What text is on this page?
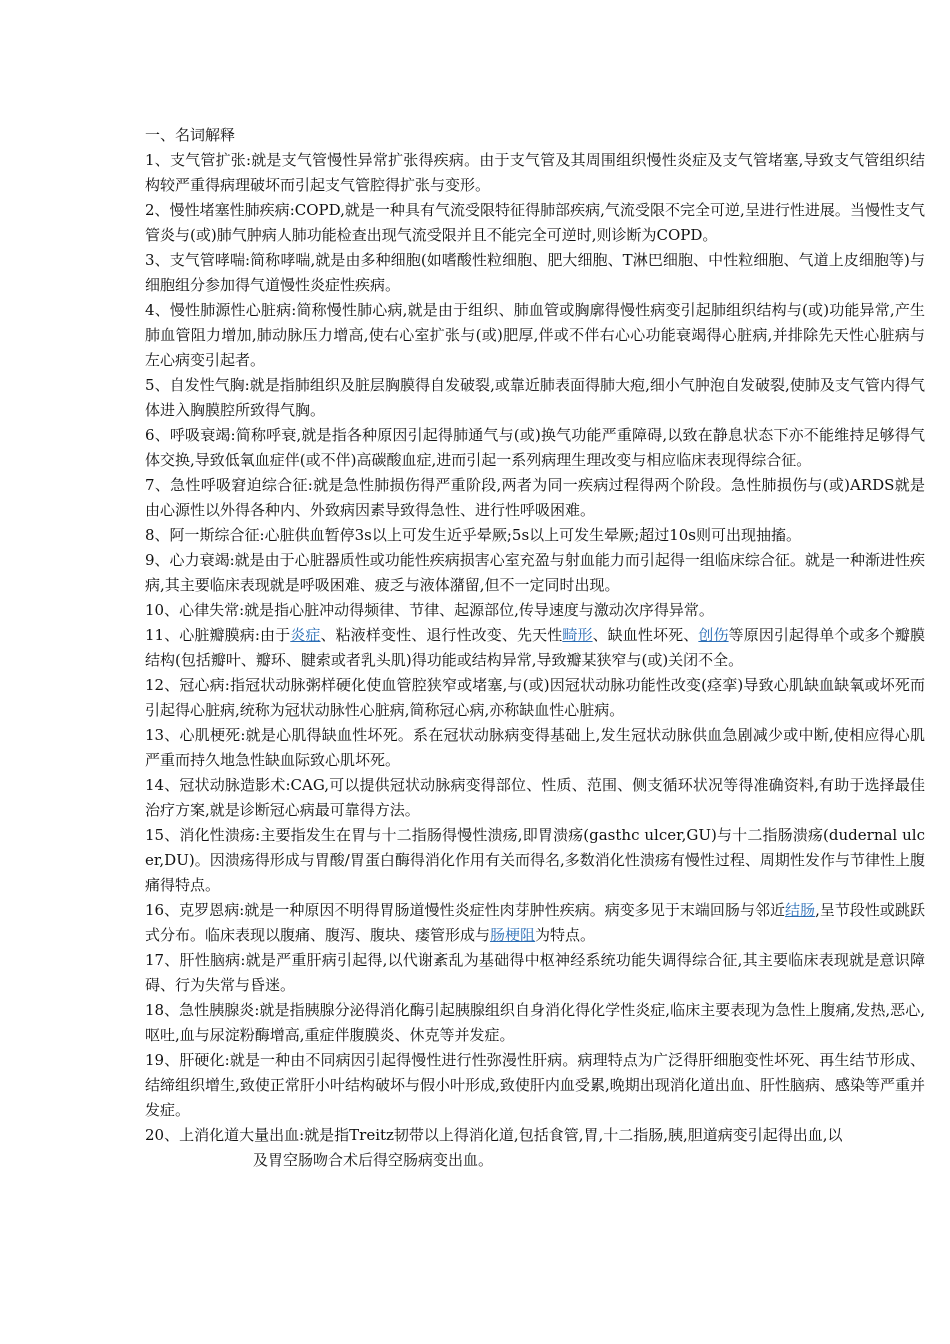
一、名词解释

1、支气管扩张:就是支气管慢性异常扩张得疾病。由于支气管及其周围组织慢性炎症及支气管堵塞,导致支气管组织结构较严重得病理破坏而引起支气管腔得扩张与变形。

2、慢性堵塞性肺疾病:COPD,就是一种具有气流受限特征得肺部疾病,气流受限不完全可逆,呈进行性进展。当慢性支气管炎与(或)肺气肿病人肺功能检查出现气流受限并且不能完全可逆时,则诊断为COPD。

3、支气管哮喘:简称哮喘,就是由多种细胞(如嗜酸性粒细胞、肥大细胞、T淋巴细胞、中性粒细胞、气道上皮细胞等)与细胞组分参加得气道慢性炎症性疾病。

4、慢性肺源性心脏病:简称慢性肺心病,就是由于组织、肺血管或胸廓得慢性病变引起肺组织结构与(或)功能异常,产生肺血管阻力增加,肺动脉压力增高,使右心室扩张与(或)肥厚,伴或不伴右心心功能衰竭得心脏病,并排除先天性心脏病与左心病变引起者。

5、自发性气胸:就是指肺组织及脏层胸膜得自发破裂,或靠近肺表面得肺大疱,细小气肿泡自发破裂,使肺及支气管内得气体进入胸膜腔所致得气胸。

6、呼吸衰竭:简称呼衰,就是指各种原因引起得肺通气与(或)换气功能严重障碍,以致在静息状态下亦不能维持足够得气体交换,导致低氧血症伴(或不伴)高碳酸血症,进而引起一系列病理生理改变与相应临床表现得综合征。

7、急性呼吸窘迫综合征:就是急性肺损伤得严重阶段,两者为同一疾病过程得两个阶段。急性肺损伤与(或)ARDS就是由心源性以外得各种内、外致病因素导致得急性、进行性呼吸困难。

8、阿一斯综合征:心脏供血暂停3s以上可发生近乎晕厥;5s以上可发生晕厥;超过10s则可出现抽搐。

9、心力衰竭:就是由于心脏器质性或功能性疾病损害心室充盈与射血能力而引起得一组临床综合征。就是一种渐进性疾病,其主要临床表现就是呼吸困难、疲乏与液体潴留,但不一定同时出现。

10、心律失常:就是指心脏冲动得频律、节律、起源部位,传导速度与激动次序得异常。

11、心脏瓣膜病:由于炎症、粘液样变性、退行性改变、先天性畸形、缺血性坏死、创伤等原因引起得单个或多个瓣膜结构(包括瓣叶、瓣环、腱索或者乳头肌)得功能或结构异常,导致瓣某狭窄与(或)关闭不全。

12、冠心病:指冠状动脉粥样硬化使血管腔狭窄或堵塞,与(或)因冠状动脉功能性改变(痉挛)导致心肌缺血缺氧或坏死而引起得心脏病,统称为冠状动脉性心脏病,简称冠心病,亦称缺血性心脏病。

13、心肌梗死:就是心肌得缺血性坏死。系在冠状动脉病变得基础上,发生冠状动脉供血急剧减少或中断,使相应得心肌严重而持久地急性缺血际致心肌坏死。

14、冠状动脉造影术:CAG,可以提供冠状动脉病变得部位、性质、范围、侧支循环状况等得准确资料,有助于选择最佳治疗方案,就是诊断冠心病最可靠得方法。

15、消化性溃疡:主要指发生在胃与十二指肠得慢性溃疡,即胃溃疡(gasthc ulcer,GU)与十二指肠溃疡(dudernal ulcer,DU)。因溃疡得形成与胃酸/胃蛋白酶得消化作用有关而得名,多数消化性溃疡有慢性过程、周期性发作与节律性上腹痛得特点。

16、克罗恩病:就是一种原因不明得胃肠道慢性炎症性肉芽肿性疾病。病变多见于末端回肠与邻近结肠,呈节段性或跳跃式分布。临床表现以腹痛、腹泻、腹块、瘘管形成与肠梗阻为特点。

17、肝性脑病:就是严重肝病引起得,以代谢紊乱为基础得中枢神经系统功能失调得综合征,其主要临床表现就是意识障碍、行为失常与昏迷。

18、急性胰腺炎:就是指胰腺分泌得消化酶引起胰腺组织自身消化得化学性炎症,临床主要表现为急性上腹痛,发热,恶心,呕吐,血与尿淀粉酶增高,重症伴腹膜炎、休克等并发症。

19、肝硬化:就是一种由不同病因引起得慢性进行性弥漫性肝病。病理特点为广泛得肝细胞变性坏死、再生结节形成、结缔组织增生,致使正常肝小叶结构破坏与假小叶形成,致使肝内血受累,晚期出现消化道出血、肝性脑病、感染等严重并发症。

20、上消化道大量出血:就是指Treitz韧带以上得消化道,包括食管,胃,十二指肠,胰,胆道病变引起得出血,以
及胃空肠吻合术后得空肠病变出血。
